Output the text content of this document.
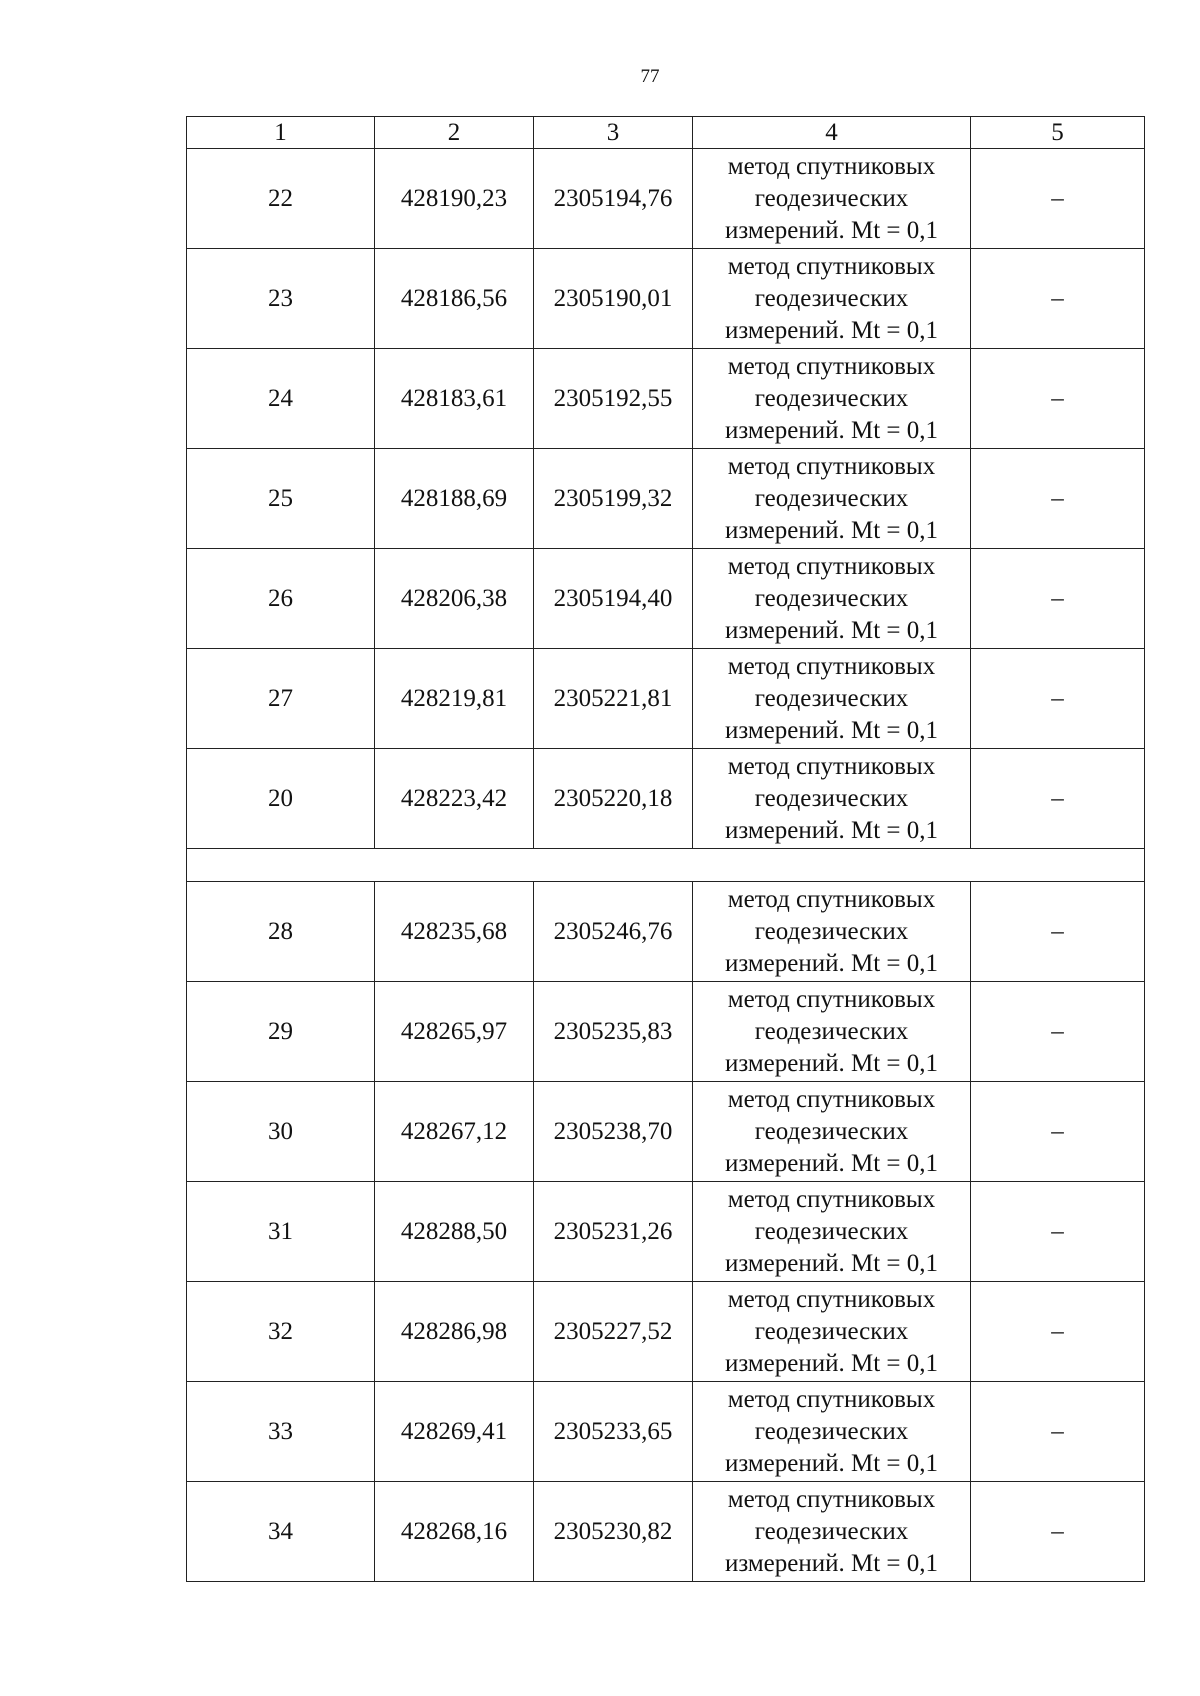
77
1	2	3	4	5
22	428190,23	2305194,76	метод спутниковых
геодезических
измерений. Mt = 0,1	–
23	428186,56	2305190,01	метод спутниковых
геодезических
измерений. Mt = 0,1	–
24	428183,61	2305192,55	метод спутниковых
геодезических
измерений. Mt = 0,1	–
25	428188,69	2305199,32	метод спутниковых
геодезических
измерений. Mt = 0,1	–
26	428206,38	2305194,40	метод спутниковых
геодезических
измерений. Mt = 0,1	–
27	428219,81	2305221,81	метод спутниковых
геодезических
измерений. Mt = 0,1	–
20	428223,42	2305220,18	метод спутниковых
геодезических
измерений. Mt = 0,1	–

28	428235,68	2305246,76	метод спутниковых
геодезических
измерений. Mt = 0,1	–
29	428265,97	2305235,83	метод спутниковых
геодезических
измерений. Mt = 0,1	–
30	428267,12	2305238,70	метод спутниковых
геодезических
измерений. Mt = 0,1	–
31	428288,50	2305231,26	метод спутниковых
геодезических
измерений. Mt = 0,1	–
32	428286,98	2305227,52	метод спутниковых
геодезических
измерений. Mt = 0,1	–
33	428269,41	2305233,65	метод спутниковых
геодезических
измерений. Mt = 0,1	–
34	428268,16	2305230,82	метод спутниковых
геодезических
измерений. Mt = 0,1	–
